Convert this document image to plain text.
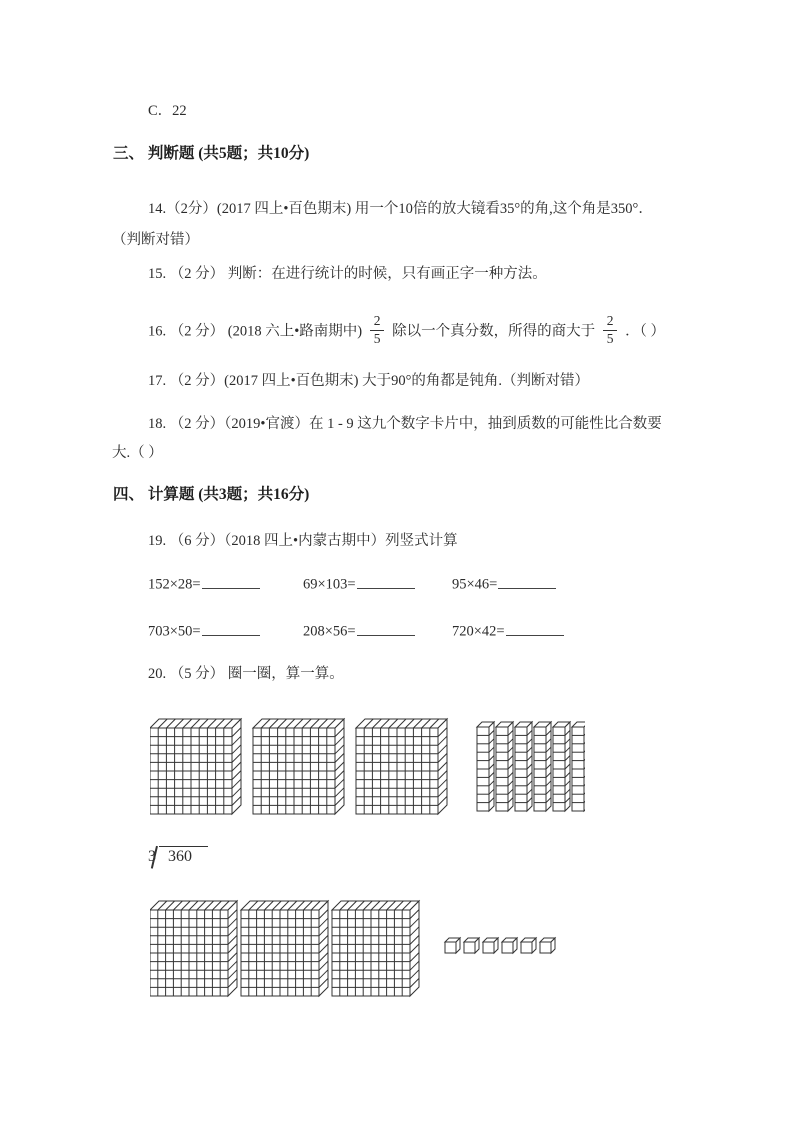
C．22
三、 判断题 (共5题；共10分)
14.（2分）(2017 四上•百色期末) 用一个10倍的放大镜看35°的角,这个角是350°．
（判断对错）
15. （2 分） 判断：在进行统计的时候，只有画正字一种方法。
16. （2 分） (2018 六上•路南期中) $\frac{2}{5}$ 除以一个真分数，所得的商大于 $\frac{2}{5}$ ．（ ）
17. （2 分）(2017 四上•百色期末) 大于90°的角都是钝角.（判断对错）
18. （2 分）（2019•官渡）在 1 - 9 这九个数字卡片中，抽到质数的可能性比合数要
大.（ ）
四、 计算题 (共3题；共16分)
19. （6 分）（2018 四上•内蒙古期中）列竖式计算
152×28=	69×103=	95×46=
703×50=	208×56=	720×42=
20. （5 分） 圈一圈，算一算。
3 360
